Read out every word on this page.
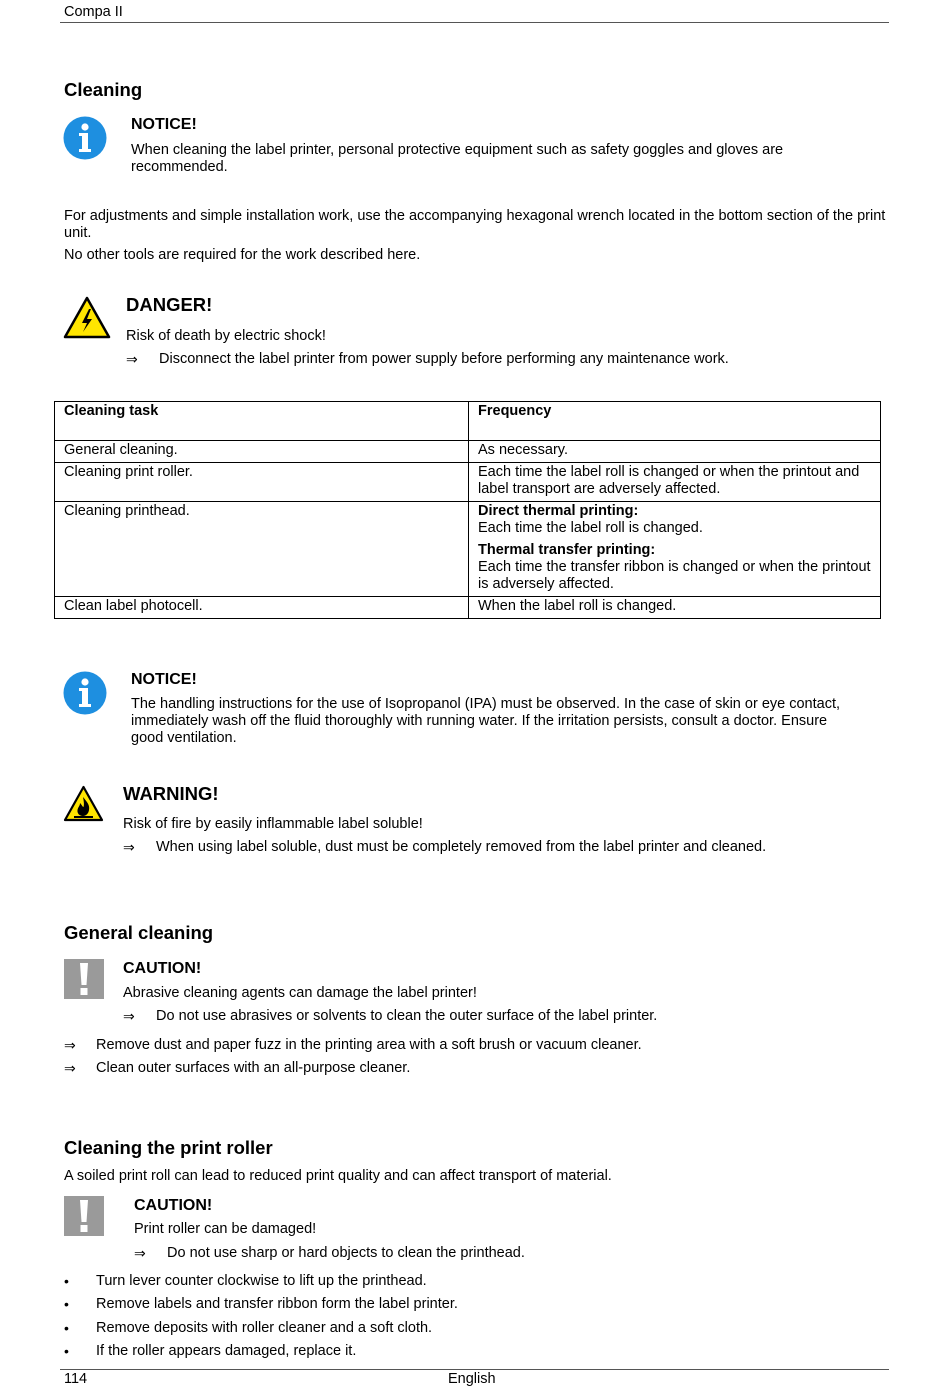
Compa II
Cleaning
NOTICE!
When cleaning the label printer, personal protective equipment such as safety goggles and gloves are
recommended.
For adjustments and simple installation work, use the accompanying hexagonal wrench located in the bottom section of the print
unit.
No other tools are required for the work described here.
DANGER!
Risk of death by electric shock!
⇒ Disconnect the label printer from power supply before performing any maintenance work.
Cleaning task	Frequency
General cleaning.	As necessary.
Cleaning print roller.	Each time the label roll is changed or when the printout and label transport are adversely affected.
Cleaning printhead.	Direct thermal printing:
Each time the label roll is changed.
Thermal transfer printing:
Each time the transfer ribbon is changed or when the printout is adversely affected.

Clean label photocell.	When the label roll is changed.
NOTICE!
The handling instructions for the use of Isopropanol (IPA) must be observed. In the case of skin or eye contact,
immediately wash off the fluid thoroughly with running water. If the irritation persists, consult a doctor. Ensure
good ventilation.
WARNING!
Risk of fire by easily inflammable label soluble!
⇒ When using label soluble, dust must be completely removed from the label printer and cleaned.
General cleaning
CAUTION!
Abrasive cleaning agents can damage the label printer!
⇒ Do not use abrasives or solvents to clean the outer surface of the label printer.
⇒ Remove dust and paper fuzz in the printing area with a soft brush or vacuum cleaner.
⇒ Clean outer surfaces with an all-purpose cleaner.
Cleaning the print roller
A soiled print roll can lead to reduced print quality and can affect transport of material.
CAUTION!
Print roller can be damaged!
⇒ Do not use sharp or hard objects to clean the printhead.
• Turn lever counter clockwise to lift up the printhead.
• Remove labels and transfer ribbon form the label printer.
• Remove deposits with roller cleaner and a soft cloth.
• If the roller appears damaged, replace it.
114	English
